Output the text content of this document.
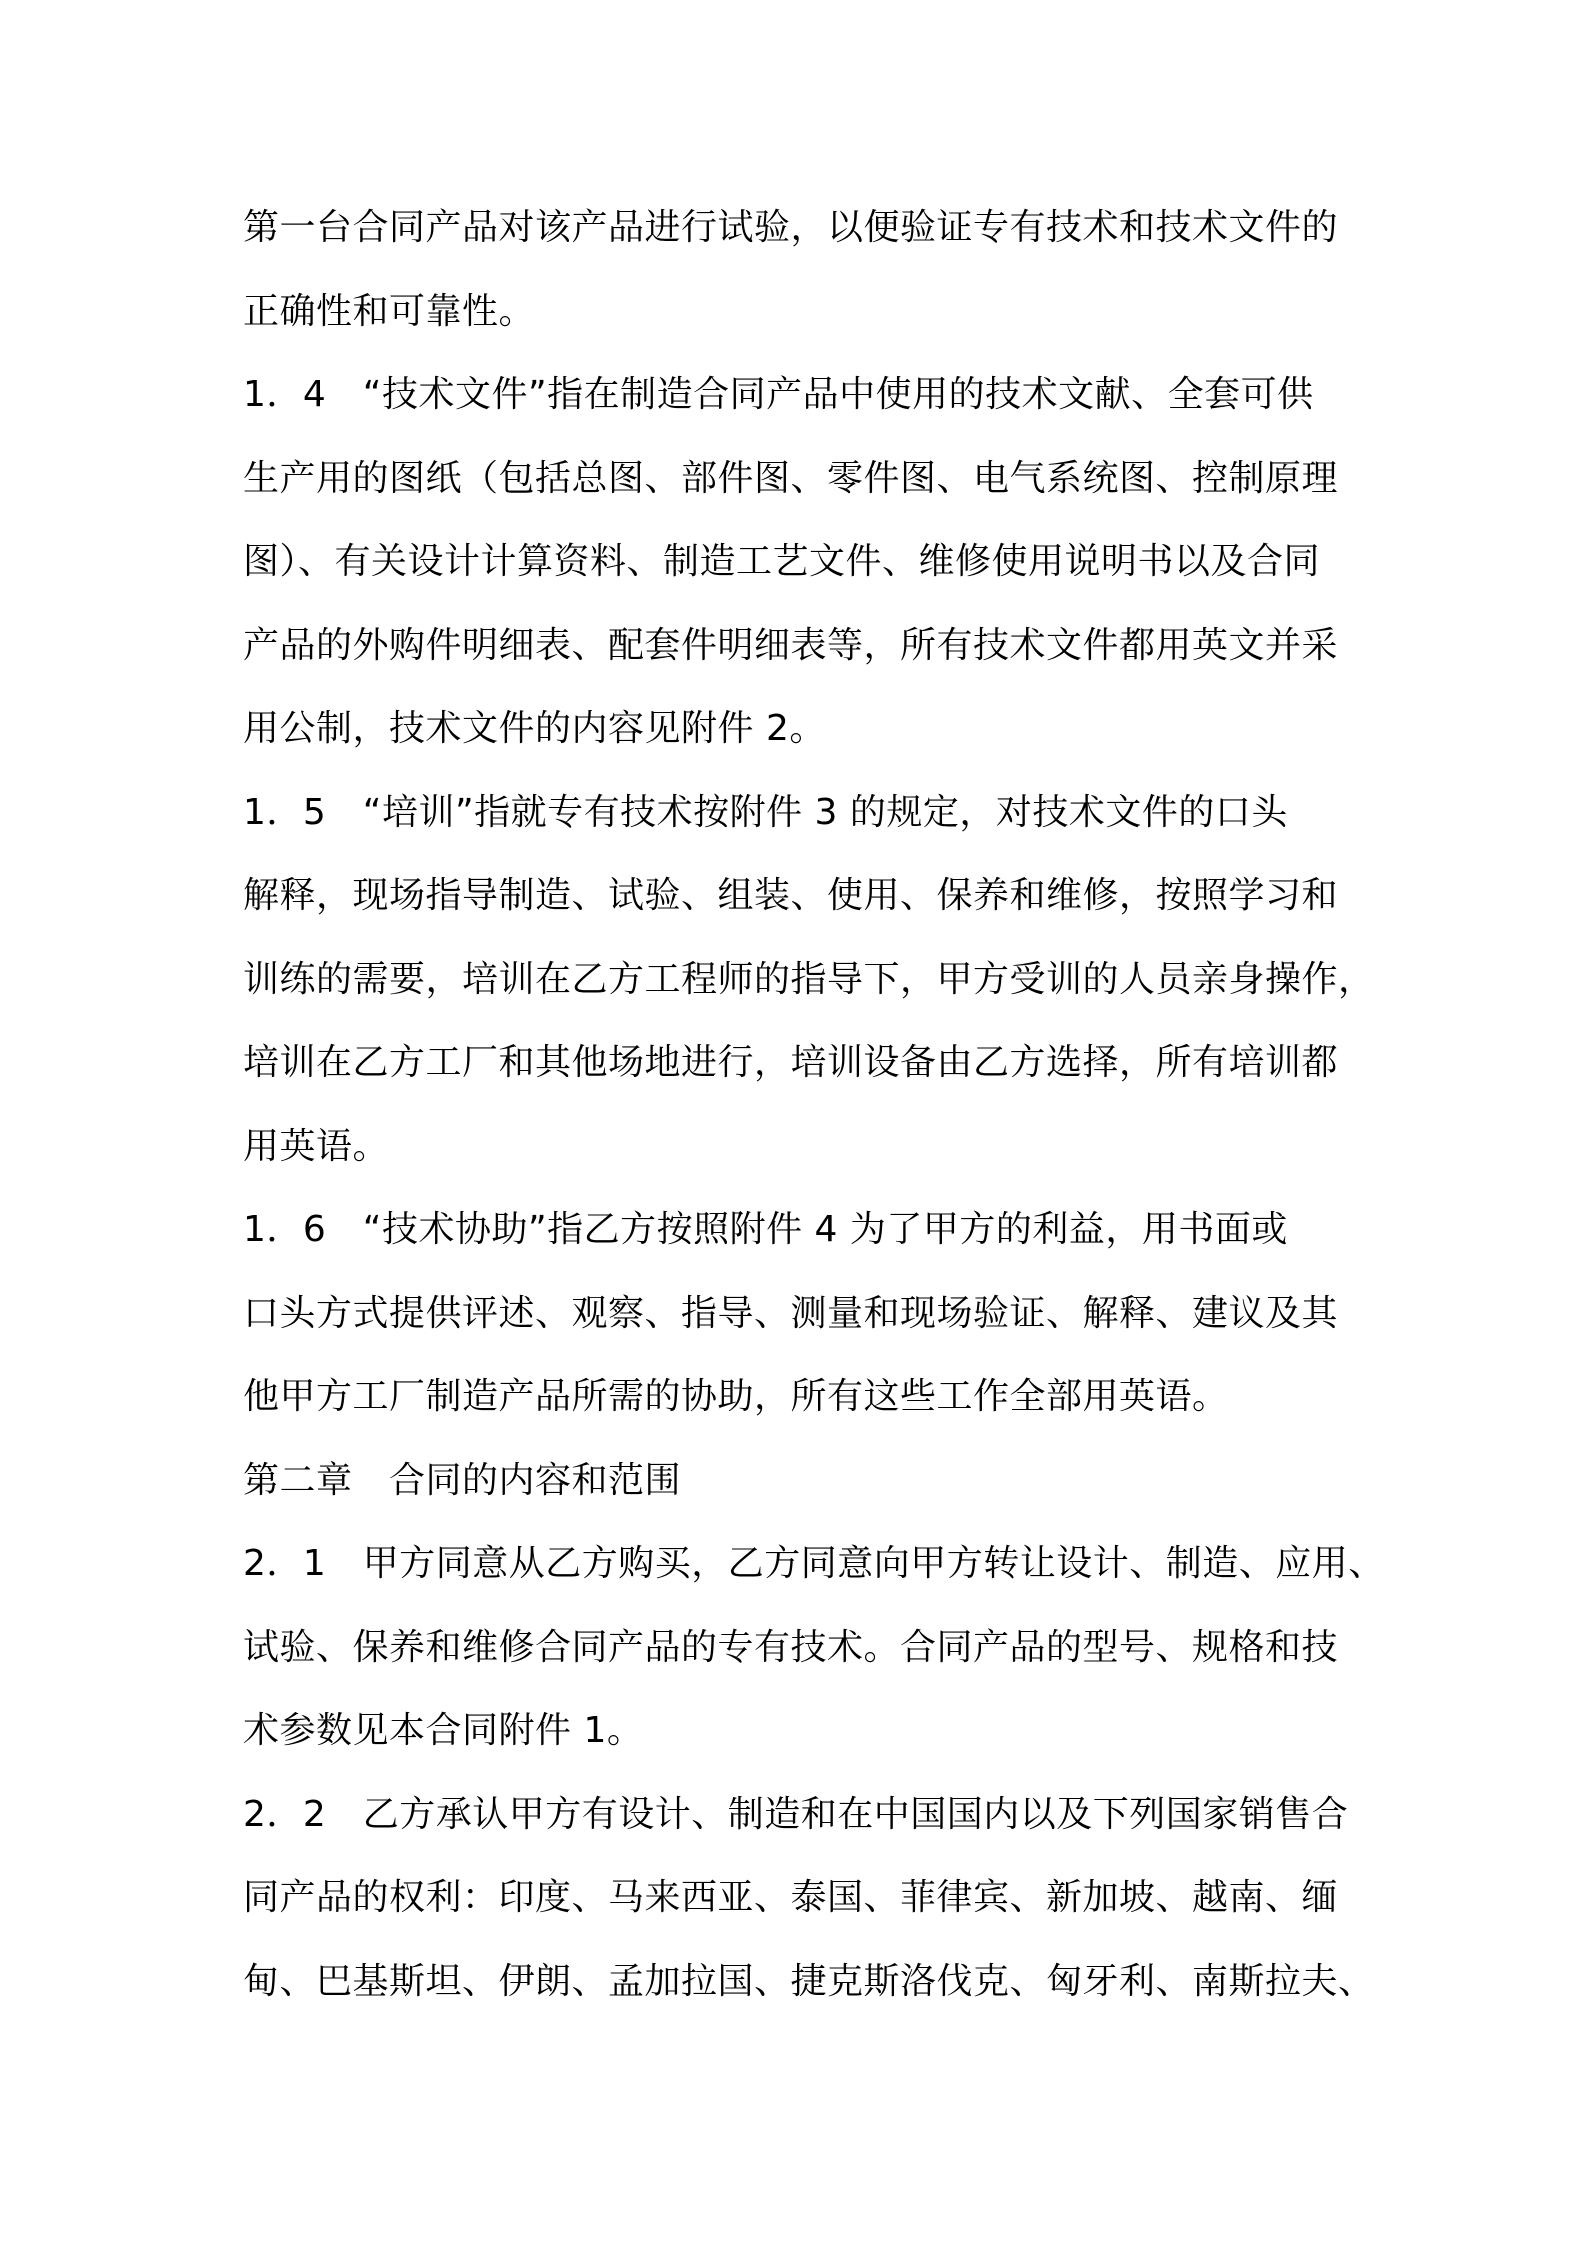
第一台合同产品对该产品进行试验，以便验证专有技术和技术文件的
正确性和可靠性。
1．4　“技术文件”指在制造合同产品中使用的技术文献、全套可供
生产用的图纸（包括总图、部件图、零件图、电气系统图、控制原理
图）、有关设计计算资料、制造工艺文件、维修使用说明书以及合同
产品的外购件明细表、配套件明细表等，所有技术文件都用英文并采
用公制，技术文件的内容见附件 2。
1．5　“培训”指就专有技术按附件 3 的规定，对技术文件的口头
解释，现场指导制造、试验、组装、使用、保养和维修，按照学习和
训练的需要，培训在乙方工程师的指导下，甲方受训的人员亲身操作，
培训在乙方工厂和其他场地进行，培训设备由乙方选择，所有培训都
用英语。
1．6　“技术协助”指乙方按照附件 4 为了甲方的利益，用书面或
口头方式提供评述、观察、指导、测量和现场验证、解释、建议及其
他甲方工厂制造产品所需的协助，所有这些工作全部用英语。
第二章　合同的内容和范围
2．1　甲方同意从乙方购买，乙方同意向甲方转让设计、制造、应用、
试验、保养和维修合同产品的专有技术。合同产品的型号、规格和技
术参数见本合同附件 1。
2．2　乙方承认甲方有设计、制造和在中国国内以及下列国家销售合
同产品的权利：印度、马来西亚、泰国、菲律宾、新加坡、越南、缅
甸、巴基斯坦、伊朗、孟加拉国、捷克斯洛伐克、匈牙利、南斯拉夫、
